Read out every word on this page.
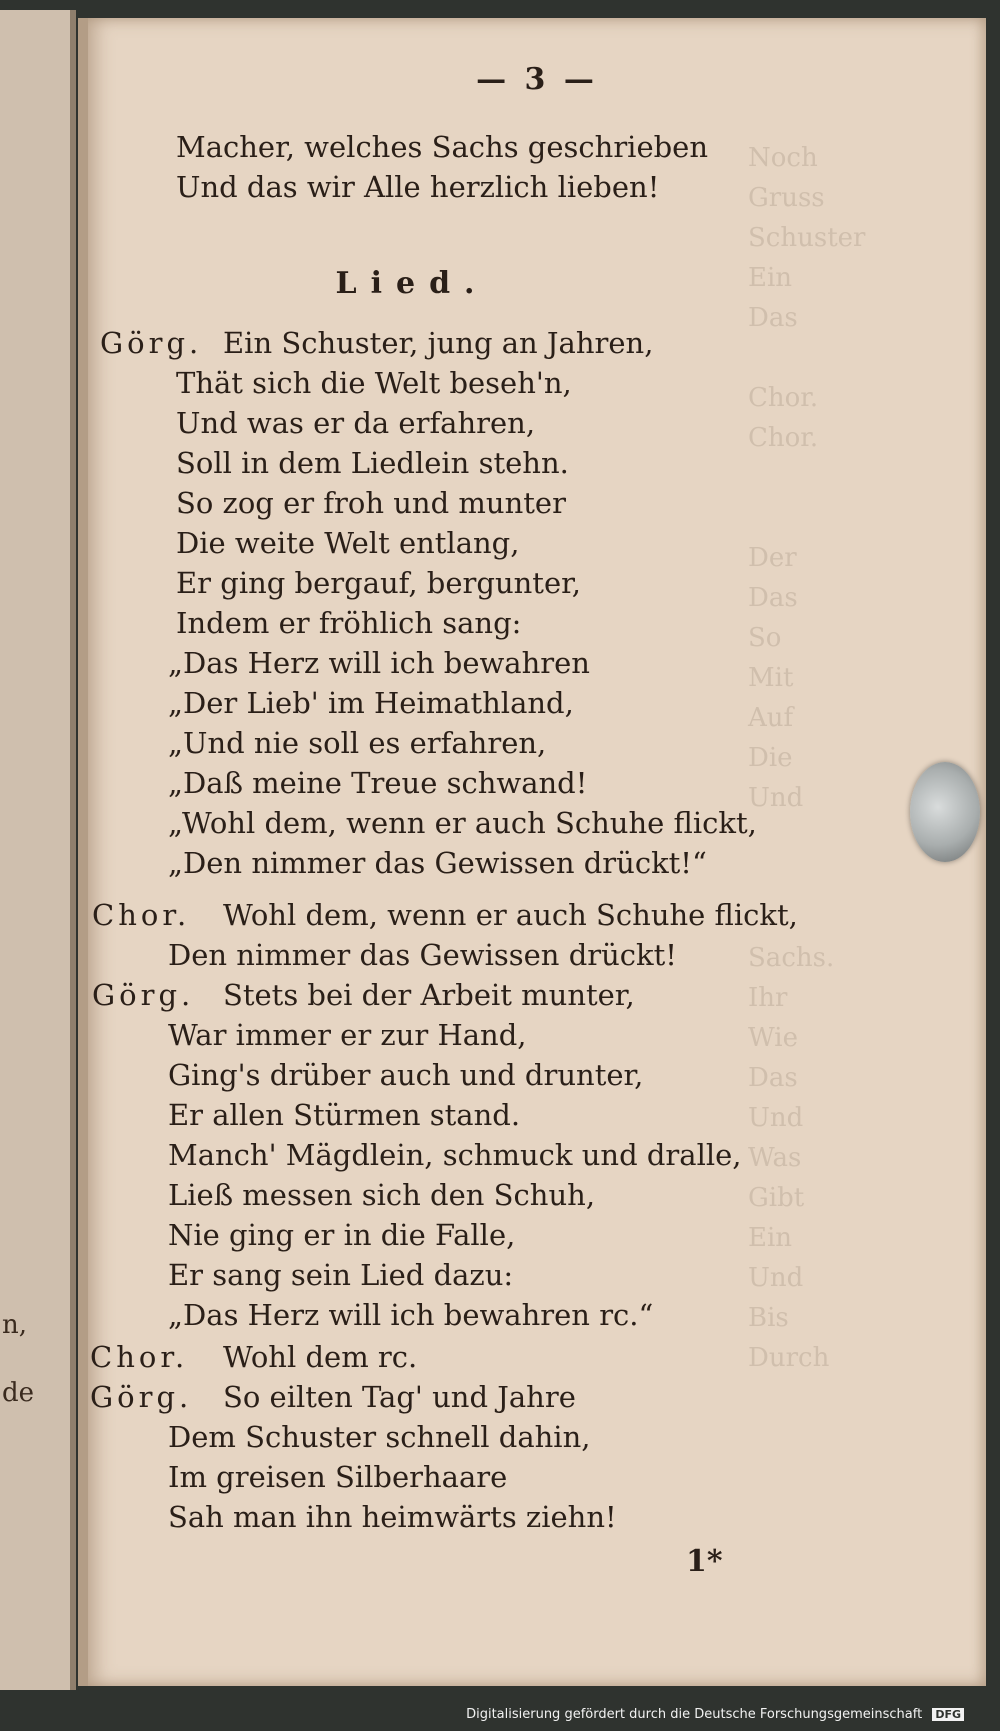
n,
de
Noch
Gruss
Schuster
Ein
Das

Chor.
Chor.

Der
Das
So
Mit
Auf
Die
Und

Sachs.
Ihr
Wie
Das
Und
Was
Gibt
Ein
Und
Bis
Durch
— 3 —
Macher, welches Sachs geschrieben
Und das wir Alle herzlich lieben!
Lied.
Görg. Ein Schuster, jung an Jahren,
Thät sich die Welt beseh'n,
Und was er da erfahren,
Soll in dem Liedlein stehn.
So zog er froh und munter
Die weite Welt entlang,
Er ging bergauf, bergunter,
Indem er fröhlich sang:
„Das Herz will ich bewahren
„Der Lieb' im Heimathland,
„Und nie soll es erfahren,
„Daß meine Treue schwand!
„Wohl dem, wenn er auch Schuhe flickt,
„Den nimmer das Gewissen drückt!“
Chor. Wohl dem, wenn er auch Schuhe flickt,
Den nimmer das Gewissen drückt!
Görg. Stets bei der Arbeit munter,
War immer er zur Hand,
Ging's drüber auch und drunter,
Er allen Stürmen stand.
Manch' Mägdlein, schmuck und dralle,
Ließ messen sich den Schuh,
Nie ging er in die Falle,
Er sang sein Lied dazu:
„Das Herz will ich bewahren rc.“
Chor. Wohl dem rc.
Görg. So eilten Tag' und Jahre
Dem Schuster schnell dahin,
Im greisen Silberhaare
Sah man ihn heimwärts ziehn!
1*
Digitalisierung gefördert durch die Deutsche Forschungsgemeinschaft DFG
